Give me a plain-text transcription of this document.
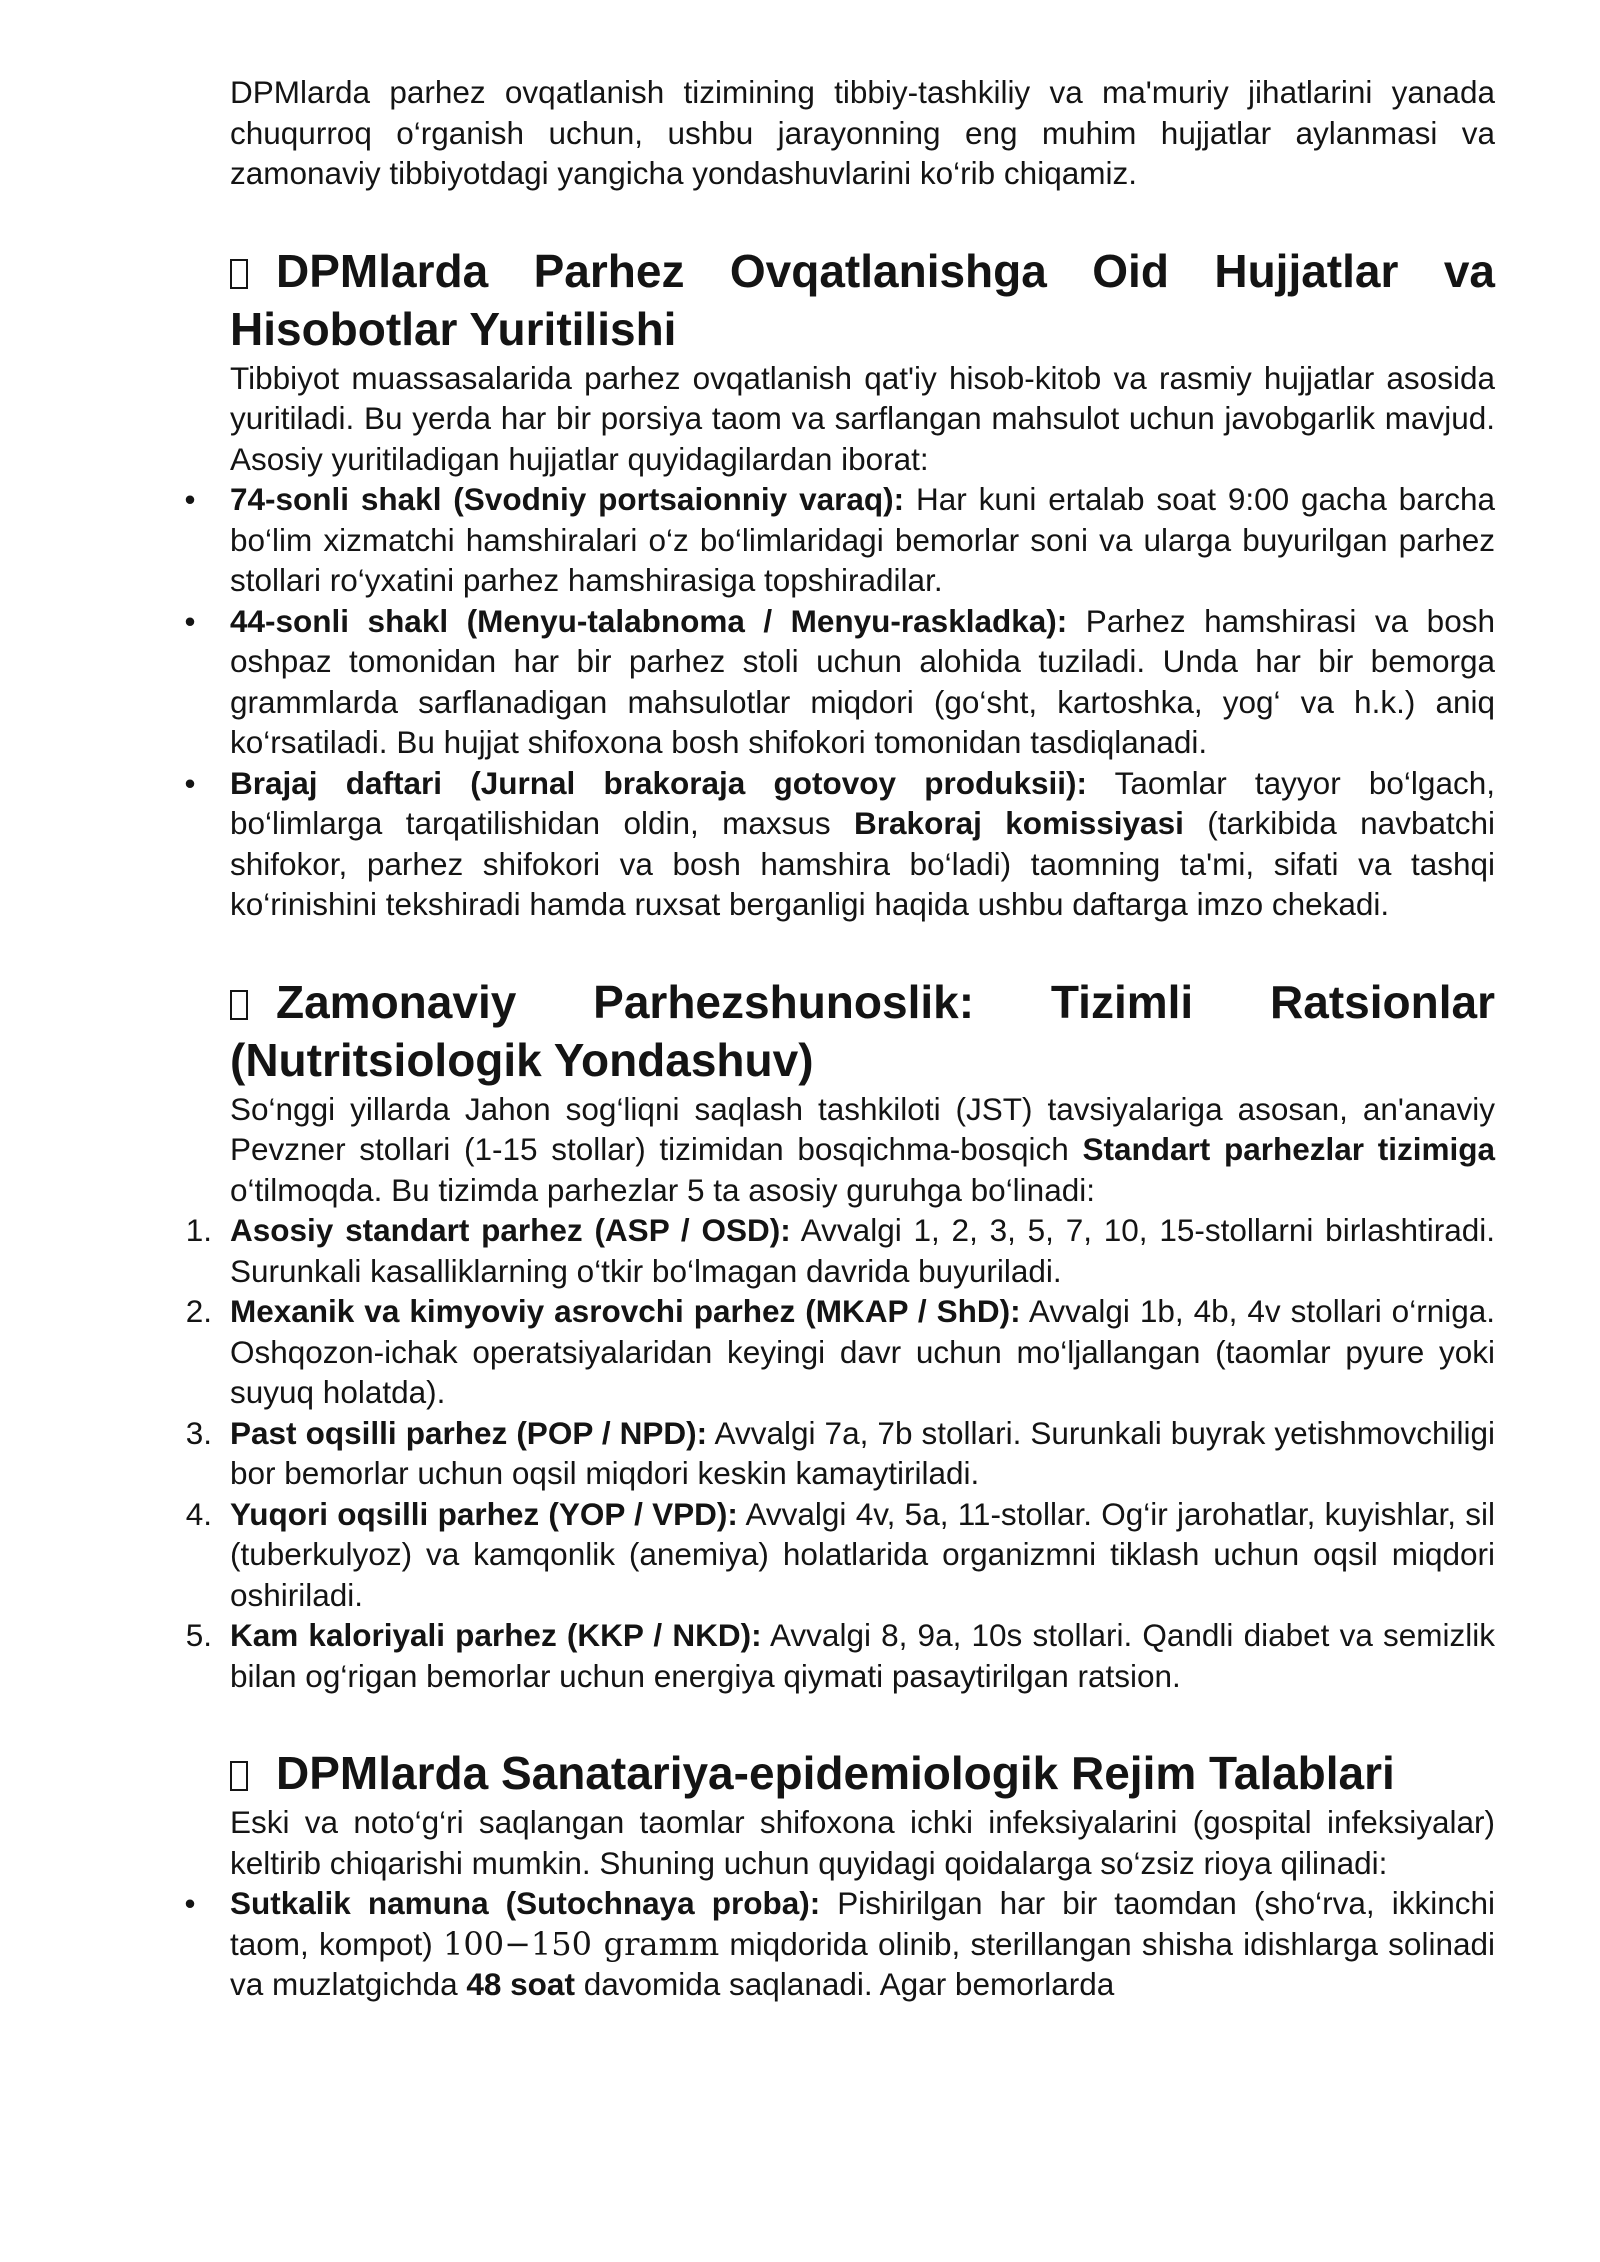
DPMlarda parhez ovqatlanish tizimining tibbiy-tashkiliy va ma'muriy jihatlarini yanada chuqurroq o‘rganish uchun, ushbu jarayonning eng muhim hujjatlar aylanmasi va zamonaviy tibbiyotdagi yangicha yondashuvlarini ko‘rib chiqamiz.

DPMlarda Parhez Ovqatlanishga Oid Hujjatlar va Hisobotlar Yuritilishi

Tibbiyot muassasalarida parhez ovqatlanish qat'iy hisob-kitob va rasmiy hujjatlar asosida yuritiladi. Bu yerda har bir porsiya taom va sarflangan mahsulot uchun javobgarlik mavjud. Asosiy yuritiladigan hujjatlar quyidagilardan iborat:

• 74-sonli shakl (Svodniy portsaionniy varaq): Har kuni ertalab soat 9:00 gacha barcha bo‘lim xizmatchi hamshiralari o‘z bo‘limlaridagi bemorlar soni va ularga buyurilgan parhez stollari ro‘yxatini parhez hamshirasiga topshiradilar.
• 44-sonli shakl (Menyu-talabnoma / Menyu-raskladka): Parhez hamshirasi va bosh oshpaz tomonidan har bir parhez stoli uchun alohida tuziladi. Unda har bir bemorga grammlarda sarflanadigan mahsulotlar miqdori (go‘sht, kartoshka, yog‘ va h.k.) aniq ko‘rsatiladi. Bu hujjat shifoxona bosh shifokori tomonidan tasdiqlanadi.
• Brajaj daftari (Jurnal brakoraja gotovoy produksii): Taomlar tayyor bo‘lgach, bo‘limlarga tarqatilishidan oldin, maxsus Brakoraj komissiyasi (tarkibida navbatchi shifokor, parhez shifokori va bosh hamshira bo‘ladi) taomning ta'mi, sifati va tashqi ko‘rinishini tekshiradi hamda ruxsat berganligi haqida ushbu daftarga imzo chekadi.
Zamonaviy Parhezshunoslik: Tizimli Ratsionlar (Nutritsiologik Yondashuv)

So‘nggi yillarda Jahon sog‘liqni saqlash tashkiloti (JST) tavsiyalariga asosan, an'anaviy Pevzner stollari (1-15 stollar) tizimidan bosqichma-bosqich Standart parhezlar tizimiga o‘tilmoqda. Bu tizimda parhezlar 5 ta asosiy guruhga bo‘linadi:

1. Asosiy standart parhez (ASP / OSD): Avvalgi 1, 2, 3, 5, 7, 10, 15-stollarni birlashtiradi. Surunkali kasalliklarning o‘tkir bo‘lmagan davrida buyuriladi.
2. Mexanik va kimyoviy asrovchi parhez (MKAP / ShD): Avvalgi 1b, 4b, 4v stollari o‘rniga. Oshqozon-ichak operatsiyalaridan keyingi davr uchun mo‘ljallangan (taomlar pyure yoki suyuq holatda).
3. Past oqsilli parhez (POP / NPD): Avvalgi 7a, 7b stollari. Surunkali buyrak yetishmovchiligi bor bemorlar uchun oqsil miqdori keskin kamaytiriladi.
4. Yuqori oqsilli parhez (YOP / VPD): Avvalgi 4v, 5a, 11-stollar. Og‘ir jarohatlar, kuyishlar, sil (tuberkulyoz) va kamqonlik (anemiya) holatlarida organizmni tiklash uchun oqsil miqdori oshiriladi.
5. Kam kaloriyali parhez (KKP / NKD): Avvalgi 8, 9a, 10s stollari. Qandli diabet va semizlik bilan og‘rigan bemorlar uchun energiya qiymati pasaytirilgan ratsion.
DPMlarda Sanatariya-epidemiologik Rejim Talablari

Eski va noto‘g‘ri saqlangan taomlar shifoxona ichki infeksiyalarini (gospital infeksiyalar) keltirib chiqarishi mumkin. Shuning uchun quyidagi qoidalarga so‘zsiz rioya qilinadi:

• Sutkalik namuna (Sutochnaya proba): Pishirilgan har bir taomdan (sho‘rva, ikkinchi taom, kompot) 100−150 gramm miqdorida olinib, sterillangan shisha idishlarga solinadi va muzlatgichda 48 soat davomida saqlanadi. Agar bemorlarda
